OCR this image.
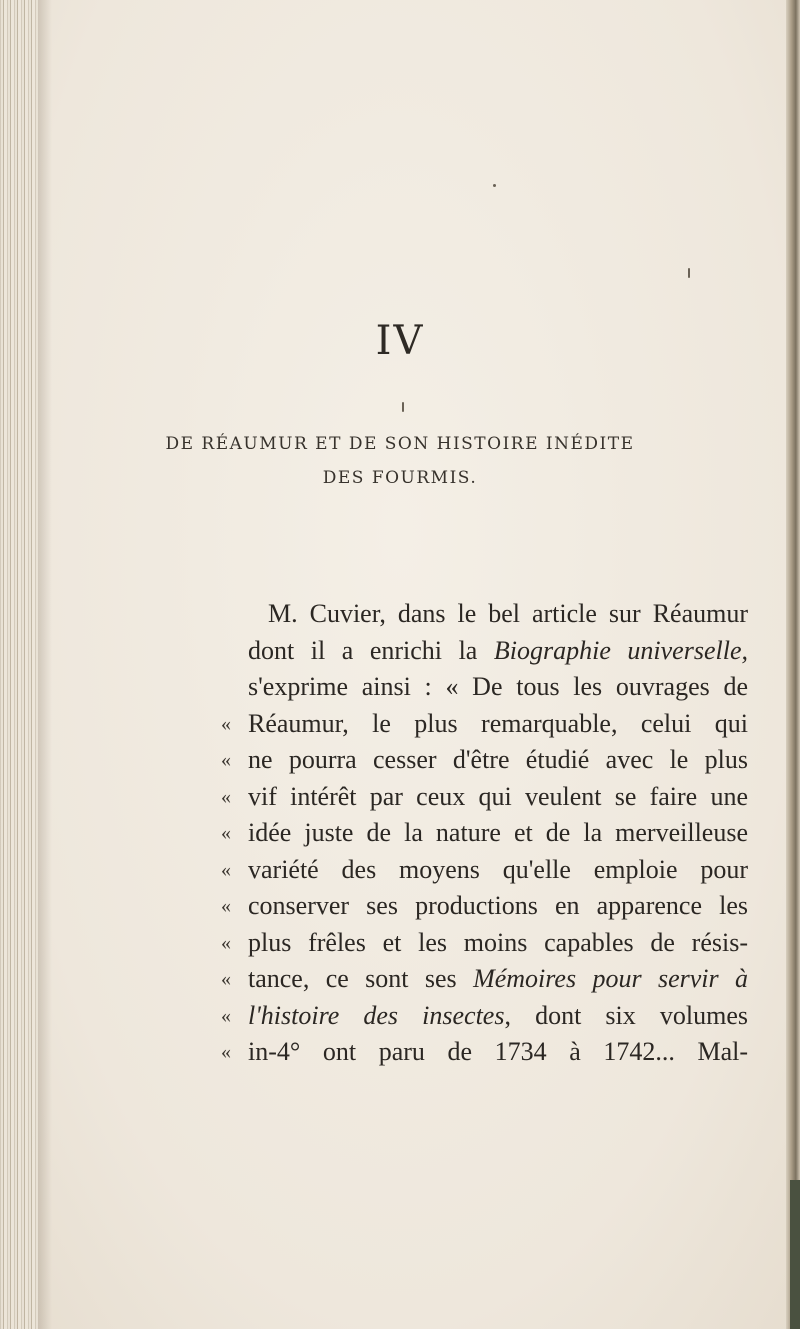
IV
DE RÉAUMUR ET DE SON HISTOIRE INÉDITE
DES FOURMIS.
M. Cuvier, dans le bel article sur Réaumur
dont il a enrichi la Biographie universelle,
s'exprime ainsi : « De tous les ouvrages de
« Réaumur, le plus remarquable, celui qui
« ne pourra cesser d'être étudié avec le plus
« vif intérêt par ceux qui veulent se faire une
« idée juste de la nature et de la merveilleuse
« variété des moyens qu'elle emploie pour
« conserver ses productions en apparence les
« plus frêles et les moins capables de résis-
« tance, ce sont ses Mémoires pour servir à
« l'histoire des insectes, dont six volumes
« in-4° ont paru de 1734 à 1742... Mal-
